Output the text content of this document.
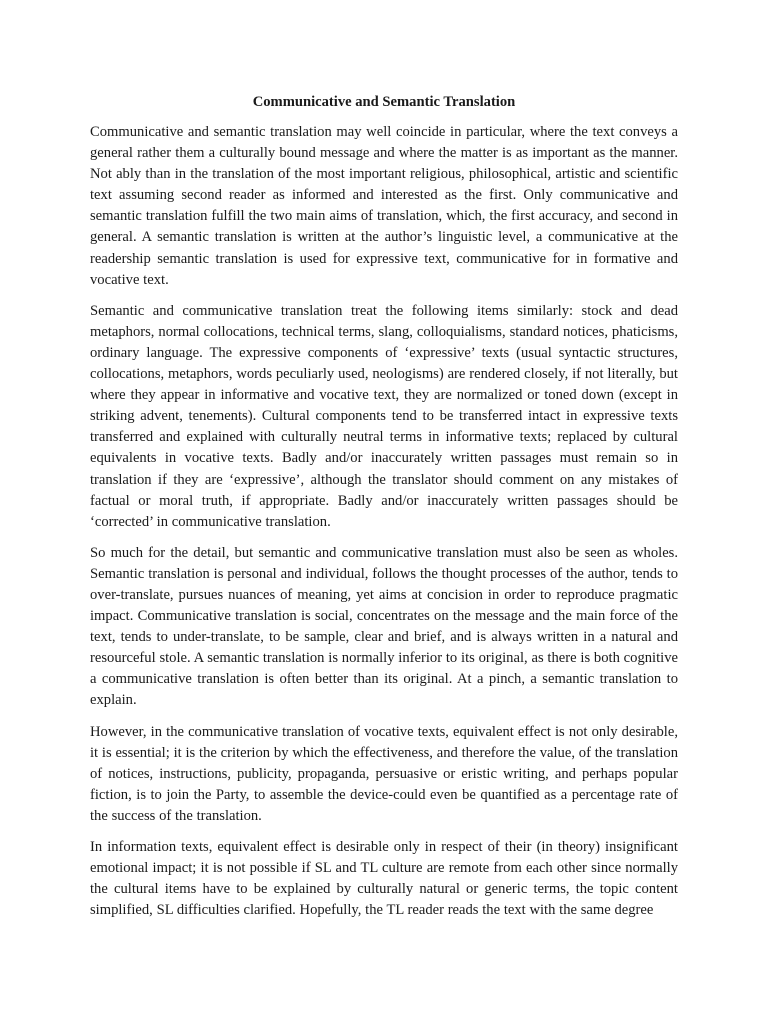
Communicative and Semantic Translation

Communicative and semantic translation may well coincide in particular, where the text conveys a general rather them a culturally bound message and where the matter is as important as the manner. Not ably than in the translation of the most important religious, philosophical, artistic and scientific text assuming second reader as informed and interested as the first. Only communicative and semantic translation fulfill the two main aims of translation, which, the first accuracy, and second in general. A semantic translation is written at the author’s linguistic level, a communicative at the readership semantic translation is used for expressive text, communicative for in formative and vocative text.

Semantic and communicative translation treat the following items similarly: stock and dead metaphors, normal collocations, technical terms, slang, colloquialisms, standard notices, phaticisms, ordinary language. The expressive components of ‘expressive’ texts (usual syntactic structures, collocations, metaphors, words peculiarly used, neologisms) are rendered closely, if not literally, but where they appear in informative and vocative text, they are normalized or toned down (except in striking advent, tenements). Cultural components tend to be transferred intact in expressive texts transferred and explained with culturally neutral terms in informative texts; replaced by cultural equivalents in vocative texts. Badly and/or inaccurately written passages must remain so in translation if they are ‘expressive’, although the translator should comment on any mistakes of factual or moral truth, if appropriate. Badly and/or inaccurately written passages should be ‘corrected’ in communicative translation.

So much for the detail, but semantic and communicative translation must also be seen as wholes. Semantic translation is personal and individual, follows the thought processes of the author, tends to over-translate, pursues nuances of meaning, yet aims at concision in order to reproduce pragmatic impact. Communicative translation is social, concentrates on the message and the main force of the text, tends to under-translate, to be sample, clear and brief, and is always written in a natural and resourceful stole. A semantic translation is normally inferior to its original, as there is both cognitive a communicative translation is often better than its original. At a pinch, a semantic translation to explain.

However, in the communicative translation of vocative texts, equivalent effect is not only desirable, it is essential; it is the criterion by which the effectiveness, and therefore the value, of the translation of notices, instructions, publicity, propaganda, persuasive or eristic writing, and perhaps popular fiction, is to join the Party, to assemble the device-could even be quantified as a percentage rate of the success of the translation.

In information texts, equivalent effect is desirable only in respect of their (in theory) insignificant emotional impact; it is not possible if SL and TL culture are remote from each other since normally the cultural items have to be explained by culturally natural or generic terms, the topic content simplified, SL difficulties clarified. Hopefully, the TL reader reads the text with the same degree
